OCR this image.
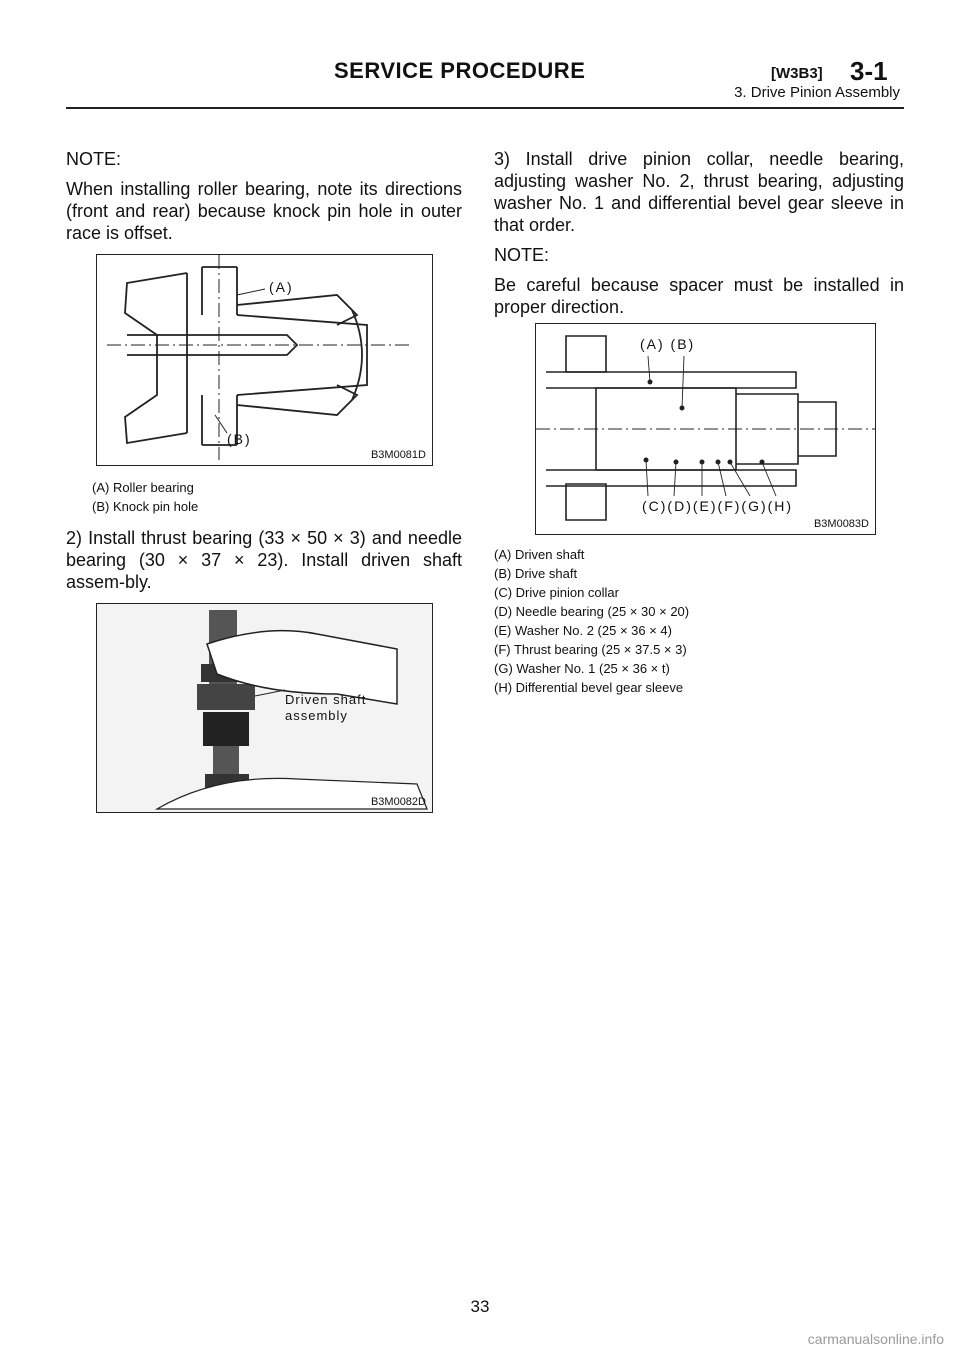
SERVICE PROCEDURE	[W3B3] 3-1
3. Drive Pinion Assembly

NOTE:

When installing roller bearing, note its directions (front and rear) because knock pin hole in outer race is offset.

(A)
(B)
B3M0081D
(A) Roller bearing
(B) Knock pin hole

2) Install thrust bearing (33 × 50 × 3) and needle bearing (30 × 37 × 23). Install driven shaft assem-bly.

Driven shaft
assembly
B3M0082D

3) Install drive pinion collar, needle bearing, adjusting washer No. 2, thrust bearing, adjusting washer No. 1 and differential bevel gear sleeve in that order.

NOTE:

Be careful because spacer must be installed in proper direction.

(A) (B)
(C)(D)(E)(F)(G)(H)
B3M0083D
(A) Driven shaft
(B) Drive shaft
(C) Drive pinion collar
(D) Needle bearing (25 × 30 × 20)
(E) Washer No. 2 (25 × 36 × 4)
(F) Thrust bearing (25 × 37.5 × 3)
(G) Washer No. 1 (25 × 36 × t)
(H) Differential bevel gear sleeve
33
carmanualsonline.info
